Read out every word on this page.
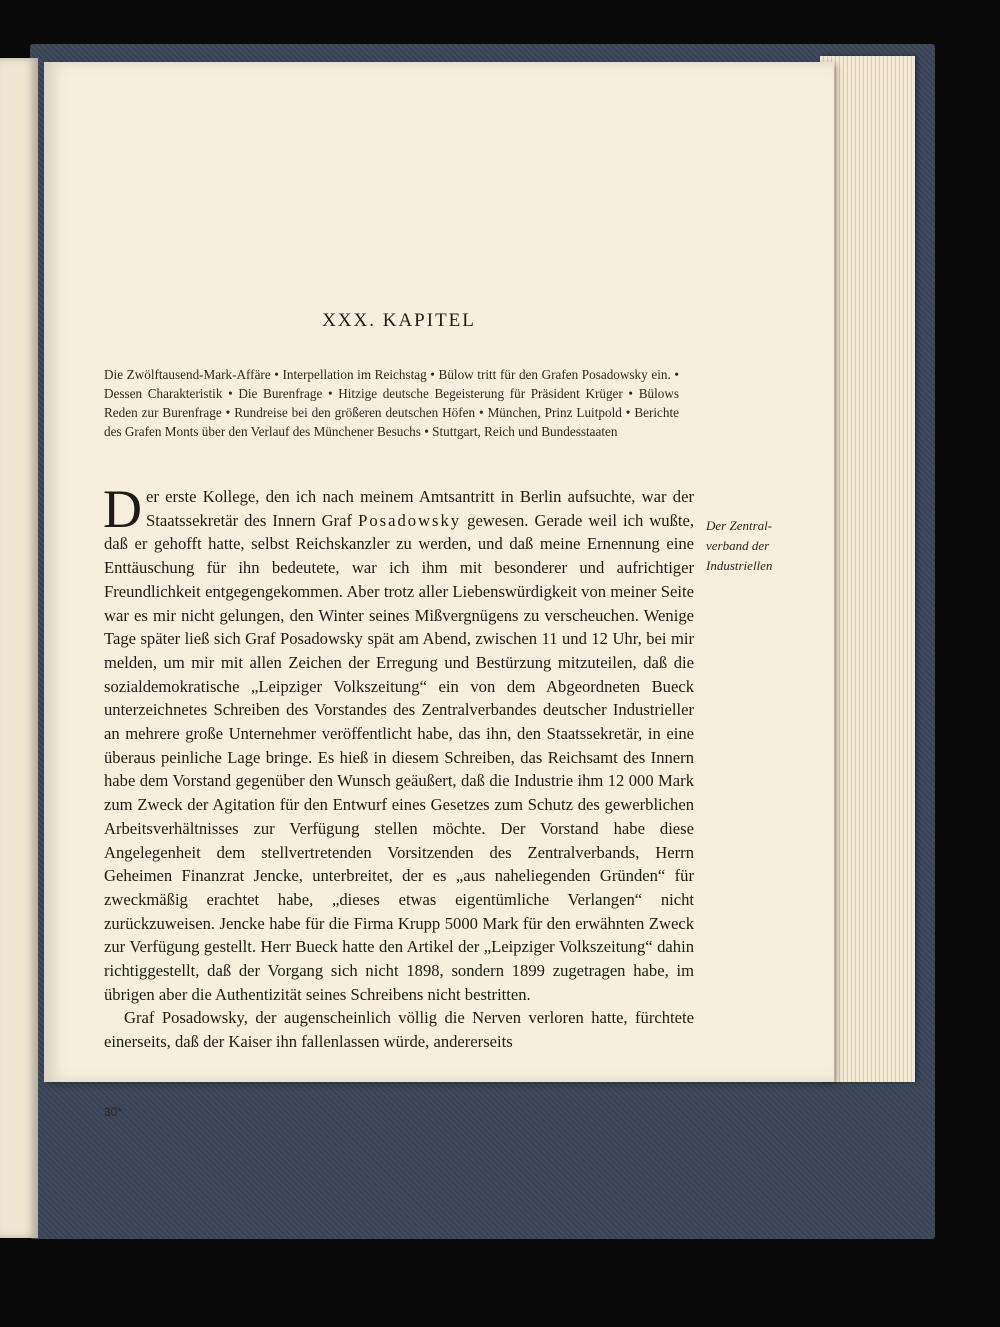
XXX. KAPITEL
Die Zwölftausend-Mark-Affäre • Interpellation im Reichstag • Bülow tritt für den Grafen Posadowsky ein. • Dessen Charakteristik • Die Burenfrage • Hitzige deutsche Begeisterung für Präsident Krüger • Bülows Reden zur Burenfrage • Rundreise bei den größeren deutschen Höfen • München, Prinz Luitpold • Berichte des Grafen Monts über den Verlauf des Münchener Besuchs • Stuttgart, Reich und Bundesstaaten

Der erste Kollege, den ich nach meinem Amtsantritt in Berlin aufsuchte, war der Staatssekretär des Innern Graf Posadowsky gewesen. Gerade weil ich wußte, daß er gehofft hatte, selbst Reichskanzler zu werden, und daß meine Ernennung eine Enttäuschung für ihn bedeutete, war ich ihm mit besonderer und aufrichtiger Freundlichkeit entgegengekommen. Aber trotz aller Liebenswürdigkeit von meiner Seite war es mir nicht gelungen, den Winter seines Mißvergnügens zu verscheuchen. Wenige Tage später ließ sich Graf Posadowsky spät am Abend, zwischen 11 und 12 Uhr, bei mir melden, um mir mit allen Zeichen der Erregung und Bestürzung mitzuteilen, daß die sozialdemokratische „Leipziger Volkszeitung“ ein von dem Abgeordneten Bueck unterzeichnetes Schreiben des Vorstandes des Zentralverbandes deutscher Industrieller an mehrere große Unternehmer veröffentlicht habe, das ihn, den Staatssekretär, in eine überaus peinliche Lage bringe. Es hieß in diesem Schreiben, das Reichsamt des Innern habe dem Vorstand gegenüber den Wunsch geäußert, daß die Industrie ihm 12 000 Mark zum Zweck der Agitation für den Entwurf eines Gesetzes zum Schutz des gewerblichen Arbeitsverhältnisses zur Verfügung stellen möchte. Der Vorstand habe diese Angelegenheit dem stellvertretenden Vorsitzenden des Zentralverbands, Herrn Geheimen Finanzrat Jencke, unterbreitet, der es „aus naheliegenden Gründen“ für zweckmäßig erachtet habe, „dieses etwas eigentümliche Verlangen“ nicht zurückzuweisen. Jencke habe für die Firma Krupp 5000 Mark für den erwähnten Zweck zur Verfügung gestellt. Herr Bueck hatte den Artikel der „Leipziger Volkszeitung“ dahin richtiggestellt, daß der Vorgang sich nicht 1898, sondern 1899 zugetragen habe, im übrigen aber die Authentizität seines Schreibens nicht bestritten.

Graf Posadowsky, der augenscheinlich völlig die Nerven verloren hatte, fürchtete einerseits, daß der Kaiser ihn fallenlassen würde, andererseits

Der Zentral-verband der Industriellen
30*
